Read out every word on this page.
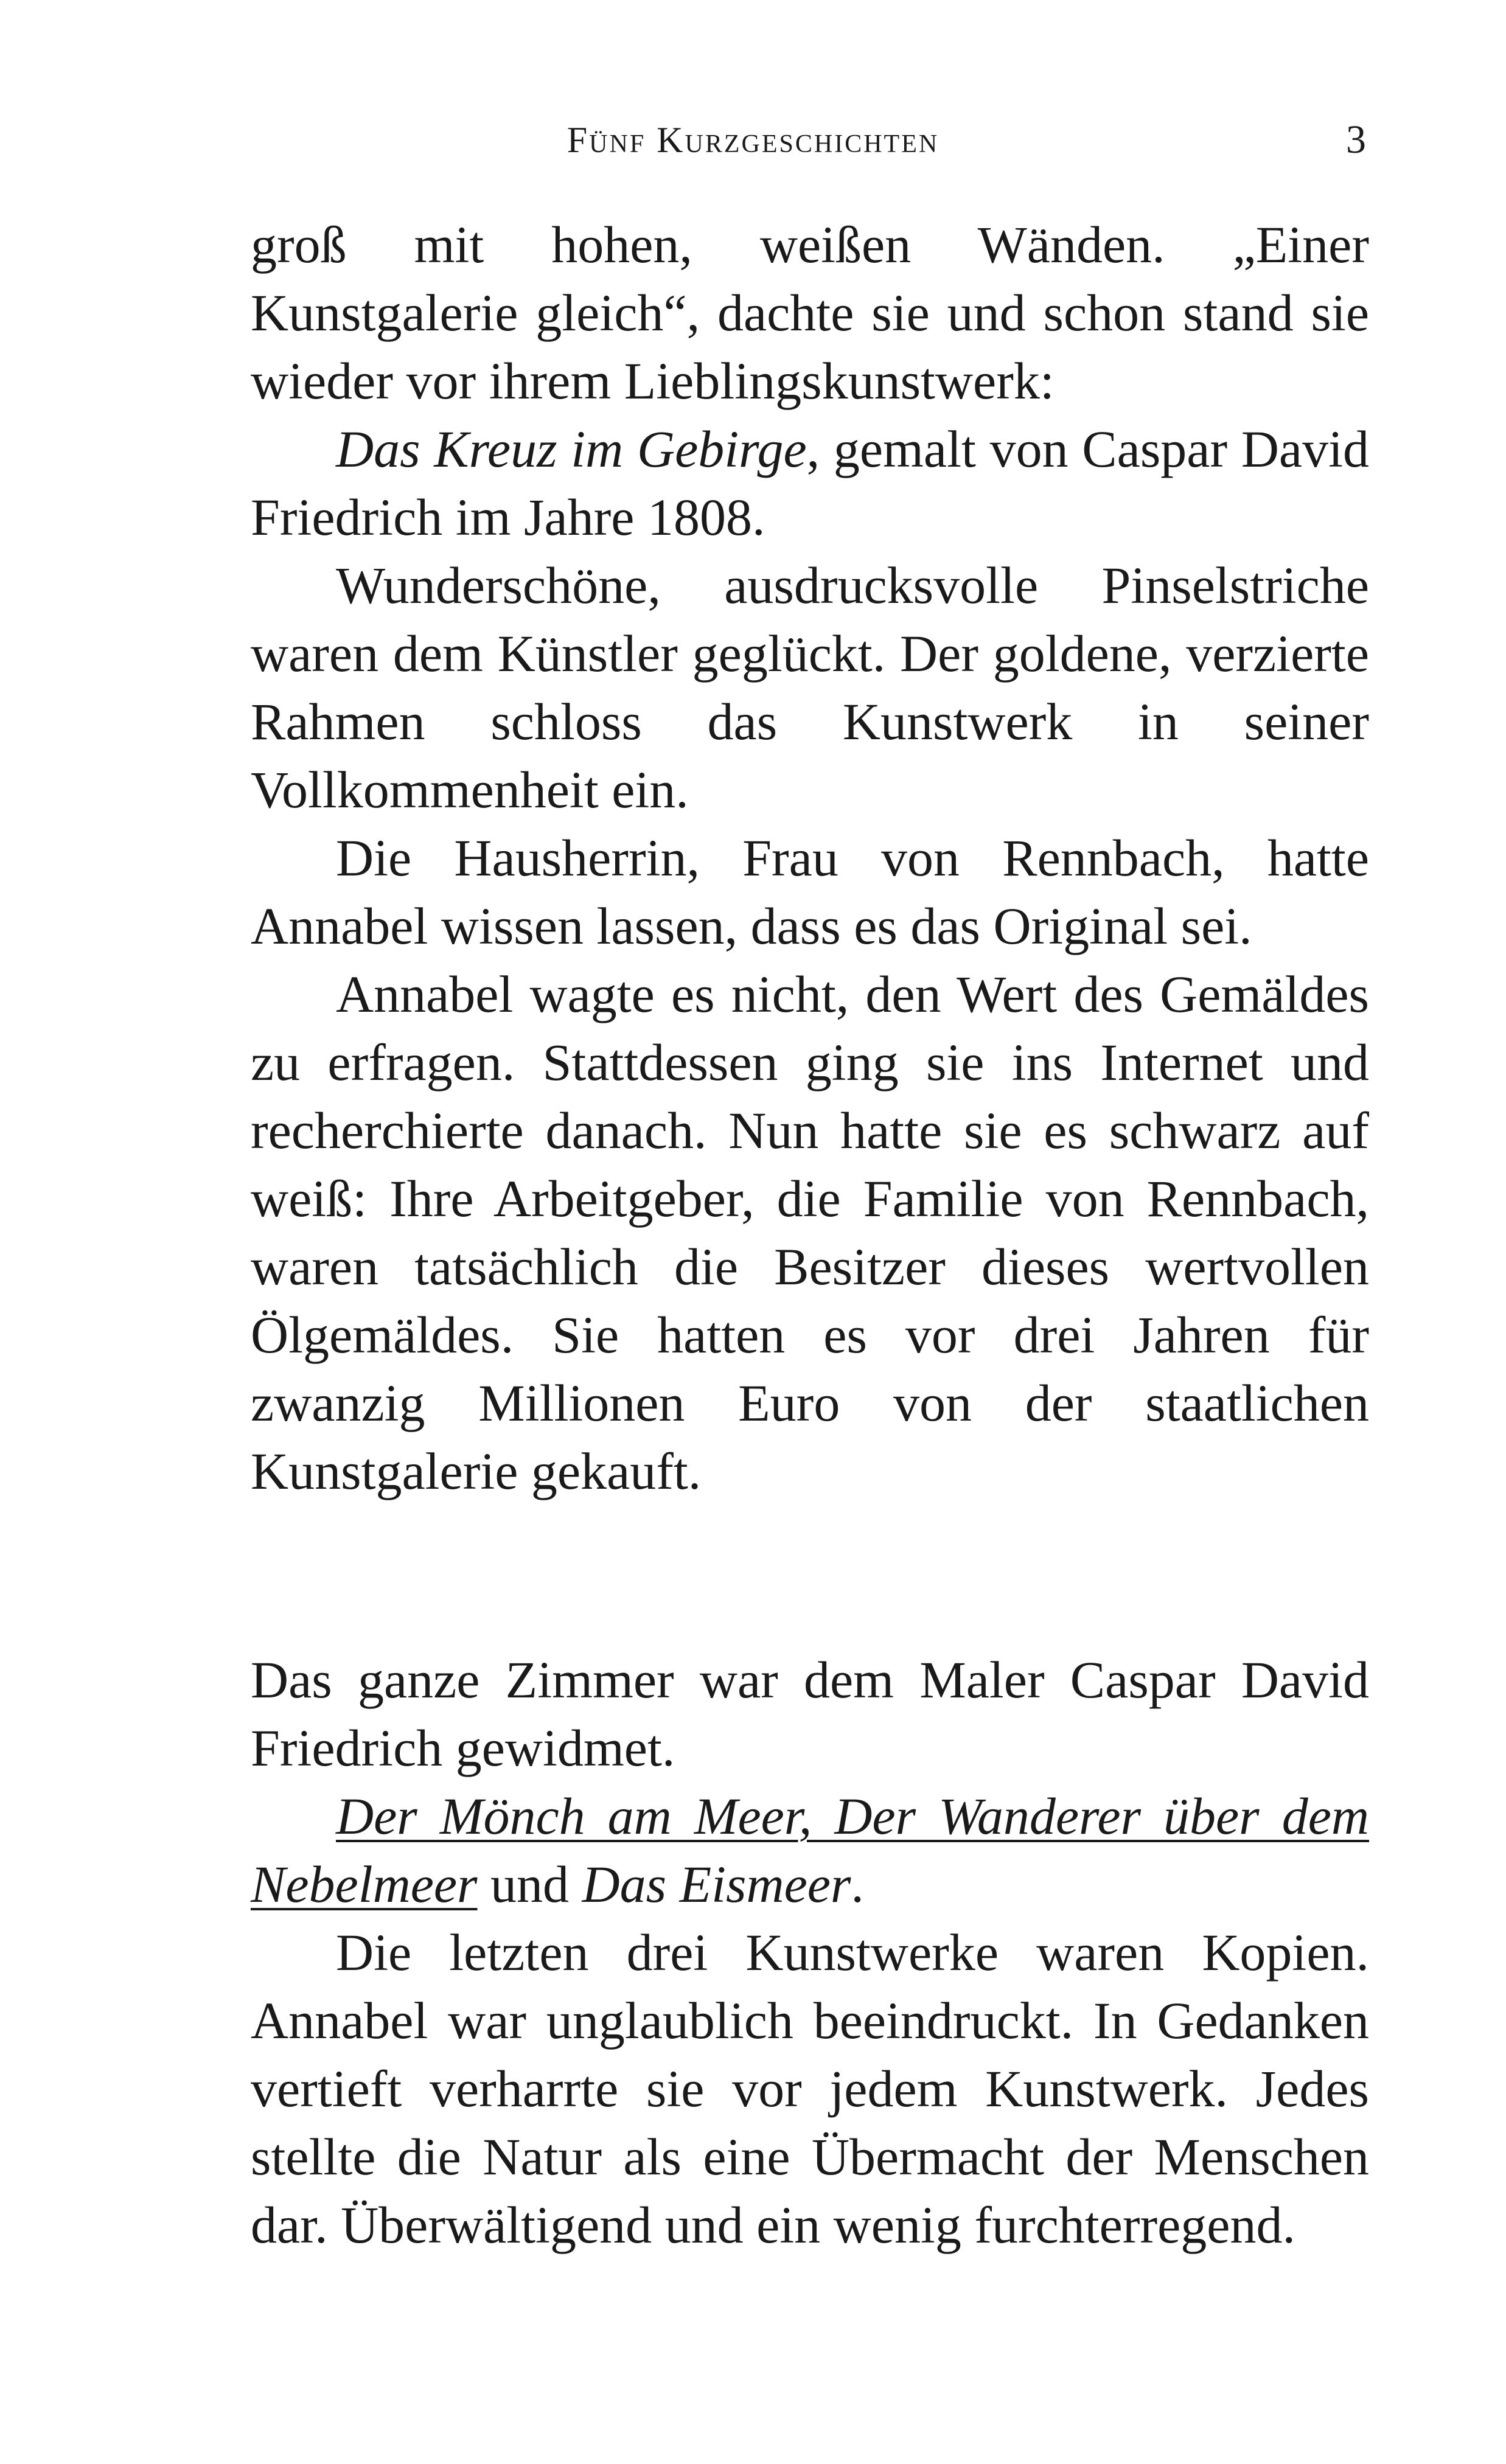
Fünf Kurzgeschichten	3

groß mit hohen, weißen Wänden. „Einer Kunstgalerie gleich“, dachte sie und schon stand sie wieder vor ihrem Lieblingskunstwerk:

Das Kreuz im Gebirge, gemalt von Caspar David Friedrich im Jahre 1808.

Wunderschöne, ausdrucksvolle Pinselstriche waren dem Künstler geglückt. Der goldene, verzierte Rahmen schloss das Kunstwerk in seiner Vollkommenheit ein.

Die Hausherrin, Frau von Rennbach, hatte Annabel wissen lassen, dass es das Original sei.

Annabel wagte es nicht, den Wert des Gemäldes zu erfragen. Stattdessen ging sie ins Internet und recherchierte danach. Nun hatte sie es schwarz auf weiß: Ihre Arbeitgeber, die Familie von Rennbach, waren tatsächlich die Besitzer dieses wertvollen Ölgemäldes. Sie hatten es vor drei Jahren für zwanzig Millionen Euro von der staatlichen Kunstgalerie gekauft.

Das ganze Zimmer war dem Maler Caspar David Friedrich gewidmet.

Der Mönch am Meer, Der Wanderer über dem Nebelmeer und Das Eismeer.

Die letzten drei Kunstwerke waren Kopien. Annabel war unglaublich beeindruckt. In Gedanken vertieft verharrte sie vor jedem Kunstwerk. Jedes stellte die Natur als eine Übermacht der Menschen dar. Überwältigend und ein wenig furchterregend.
